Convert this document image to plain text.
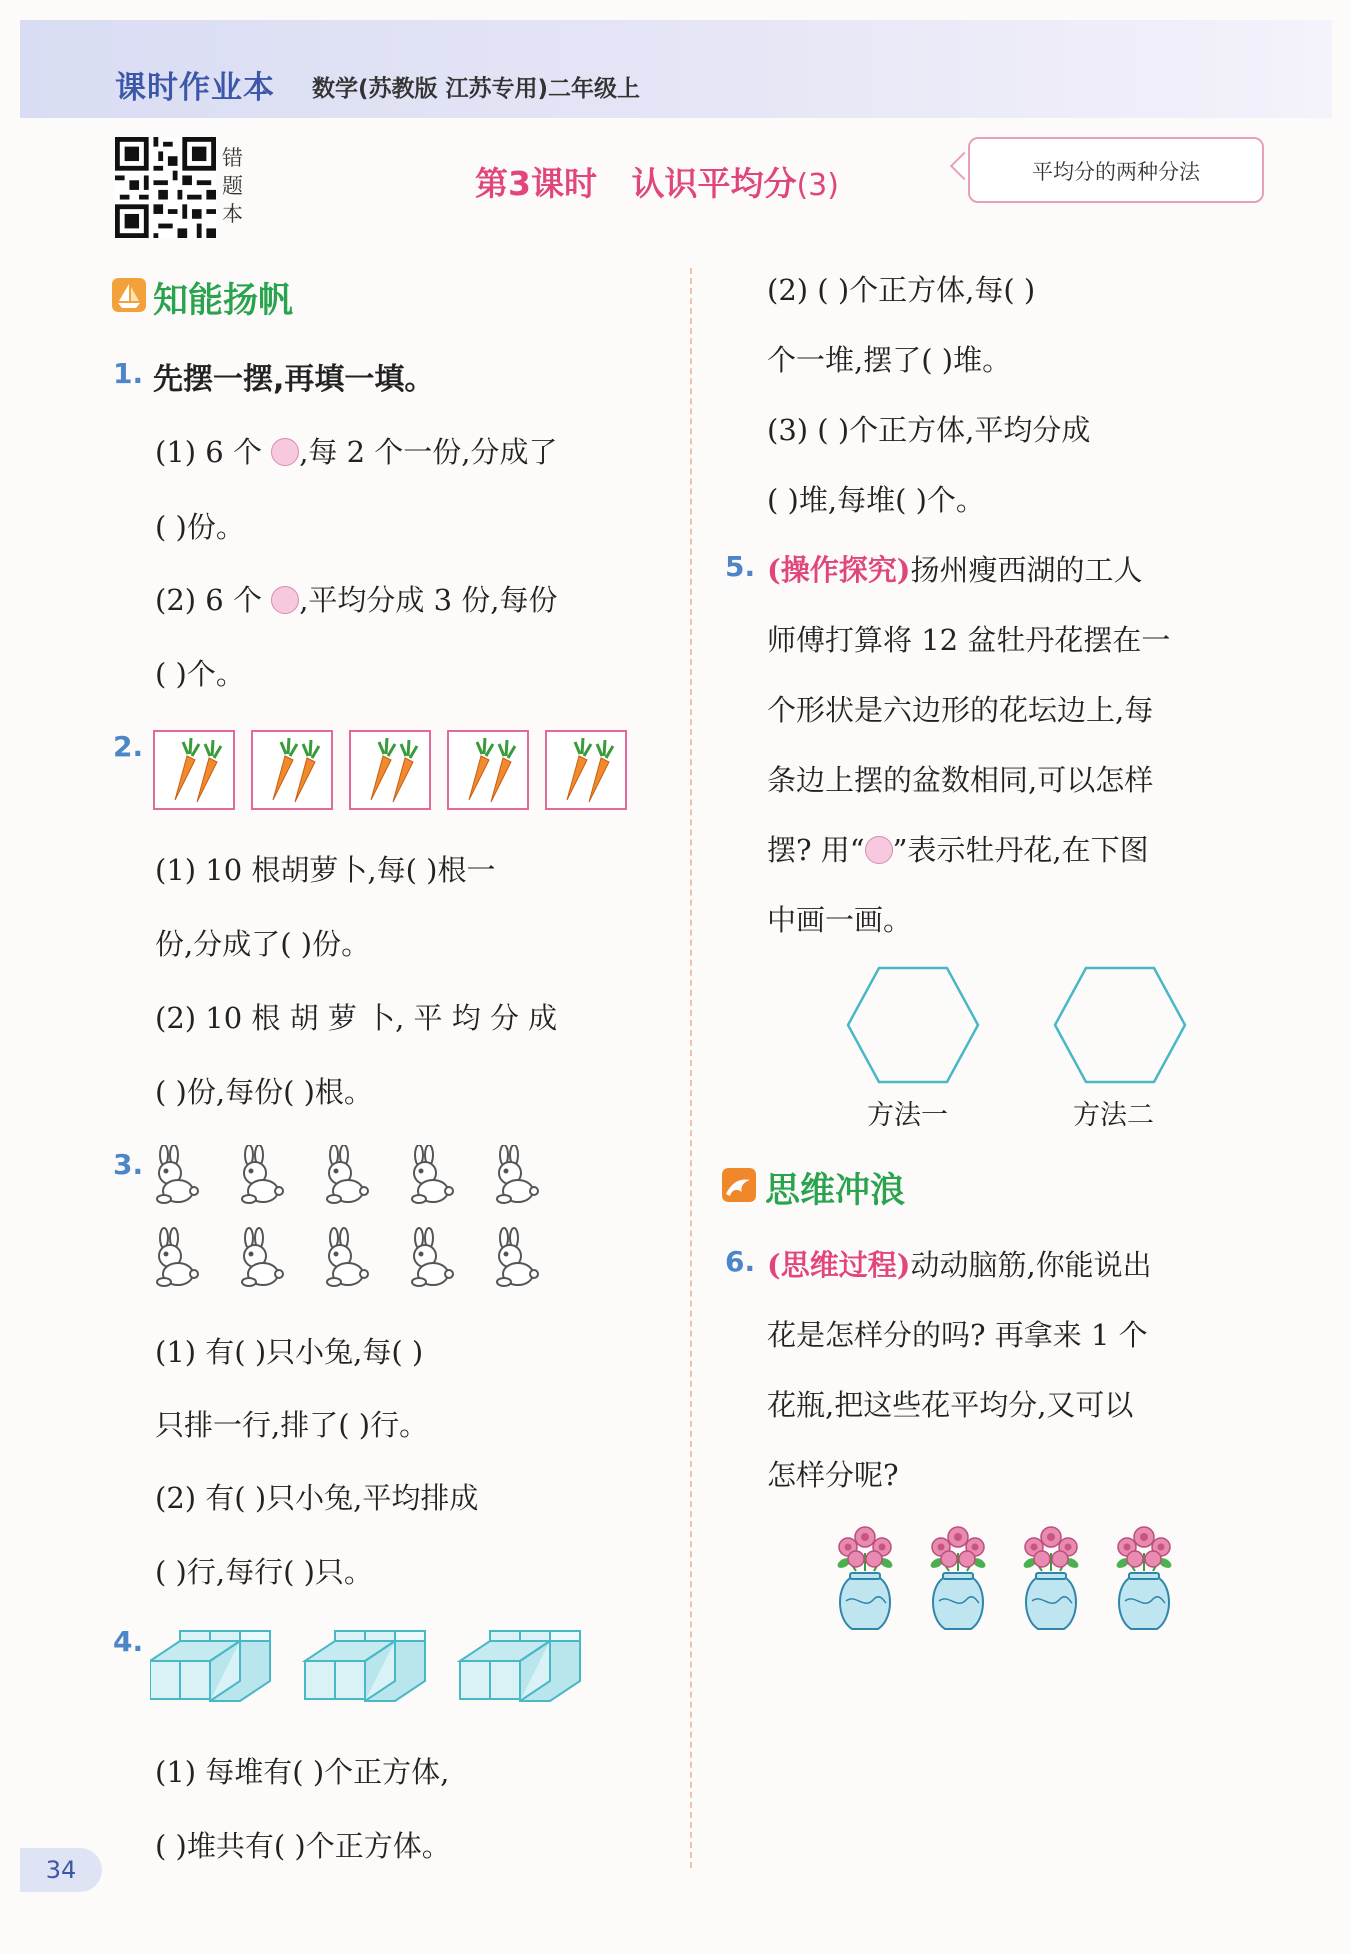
课时作业本 数学(苏教版 江苏专用)二年级上
错题本
第3课时 认识平均分(3)	平均分的两种分法
知能扬帆
1. 先摆一摆,再填一填。
(1) 6 个 ,每 2 个一份,分成了
( )份。
(2) 6 个 ,平均分成 3 份,每份
( )个。
2.
(1) 10 根胡萝卜,每( )根一
份,分成了( )份。
(2) 10 根 胡 萝 卜, 平 均 分 成
( )份,每份( )根。
3.
(1) 有( )只小兔,每( )
只排一行,排了( )行。
(2) 有( )只小兔,平均排成
( )行,每行( )只。
4.
(1) 每堆有( )个正方体,
( )堆共有( )个正方体。
(2) ( )个正方体,每( )
个一堆,摆了( )堆。
(3) ( )个正方体,平均分成
( )堆,每堆( )个。
5. (操作探究)扬州瘦西湖的工人
师傅打算将 12 盆牡丹花摆在一
个形状是六边形的花坛边上,每
条边上摆的盆数相同,可以怎样
摆? 用“ ”表示牡丹花,在下图
中画一画。
方法一	方法二
思维冲浪
6. (思维过程)动动脑筋,你能说出
花是怎样分的吗? 再拿来 1 个
花瓶,把这些花平均分,又可以
怎样分呢?
34
